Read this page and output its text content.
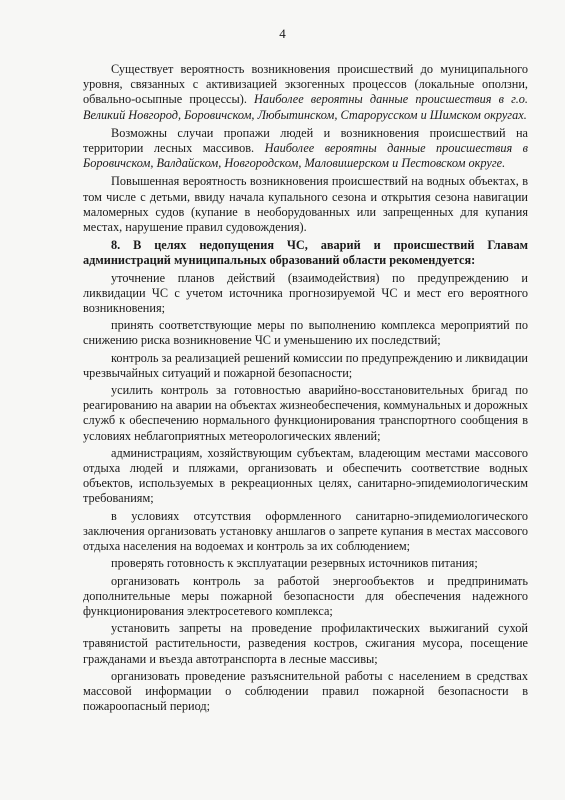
4

Существует вероятность возникновения происшествий до муниципального уровня, связанных с активизацией экзогенных процессов (локальные оползни, обвально-осыпные процессы). Наиболее вероятны данные происшествия в г.о. Великий Новгород, Боровичском, Любытинском, Старорусском и Шимском округах.

Возможны случаи пропажи людей и возникновения происшествий на территории лесных массивов. Наиболее вероятны данные происшествия в Боровичском, Валдайском, Новгородском, Маловишерском и Пестовском округе.

Повышенная вероятность возникновения происшествий на водных объектах, в том числе с детьми, ввиду начала купального сезона и открытия сезона навигации маломерных судов (купание в необорудованных или запрещенных для купания местах, нарушение правил судовождения).

8. В целях недопущения ЧС, аварий и происшествий Главам администраций муниципальных образований области рекомендуется:

уточнение планов действий (взаимодействия) по предупреждению и ликвидации ЧС с учетом источника прогнозируемой ЧС и мест его вероятного возникновения;

принять соответствующие меры по выполнению комплекса мероприятий по снижению риска возникновение ЧС и уменьшению их последствий;

контроль за реализацией решений комиссии по предупреждению и ликвидации чрезвычайных ситуаций и пожарной безопасности;

усилить контроль за готовностью аварийно-восстановительных бригад по реагированию на аварии на объектах жизнеобеспечения, коммунальных и дорожных служб к обеспечению нормального функционирования транспортного сообщения в условиях неблагоприятных метеорологических явлений;

администрациям, хозяйствующим субъектам, владеющим местами массового отдыха людей и пляжами, организовать и обеспечить соответствие водных объектов, используемых в рекреационных целях, санитарно-эпидемиологическим требованиям;

в условиях отсутствия оформленного санитарно-эпидемиологического заключения организовать установку аншлагов о запрете купания в местах массового отдыха населения на водоемах и контроль за их соблюдением;

проверять готовность к эксплуатации резервных источников питания;

организовать контроль за работой энергообъектов и предпринимать дополнительные меры пожарной безопасности для обеспечения надежного функционирования электросетевого комплекса;

установить запреты на проведение профилактических выжиганий сухой травянистой растительности, разведения костров, сжигания мусора, посещение гражданами и въезда автотранспорта в лесные массивы;

организовать проведение разъяснительной работы с населением в средствах массовой информации о соблюдении правил пожарной безопасности в пожароопасный период;
